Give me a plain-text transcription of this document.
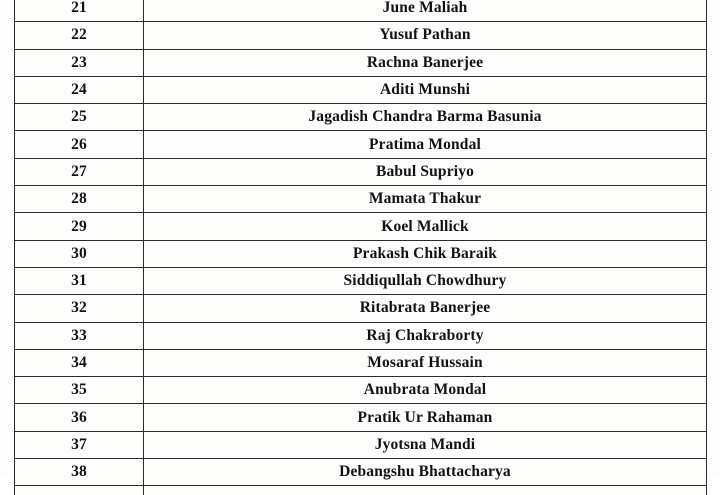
21	June Maliah
22	Yusuf Pathan
23	Rachna Banerjee
24	Aditi Munshi
25	Jagadish Chandra Barma Basunia
26	Pratima Mondal
27	Babul Supriyo
28	Mamata Thakur
29	Koel Mallick
30	Prakash Chik Baraik
31	Siddiqullah Chowdhury
32	Ritabrata Banerjee
33	Raj Chakraborty
34	Mosaraf Hussain
35	Anubrata Mondal
36	Pratik Ur Rahaman
37	Jyotsna Mandi
38	Debangshu Bhattacharya
